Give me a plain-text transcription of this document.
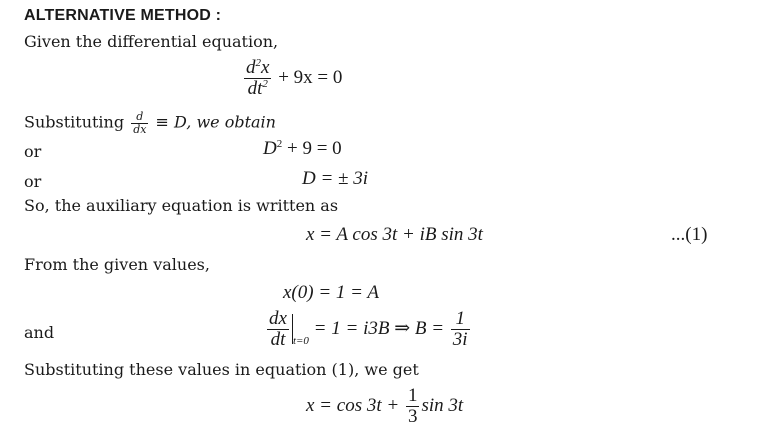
ALTERNATIVE METHOD :
Given the differential equation,
$\frac{d^2x}{dt^2} + 9x = 0$
Substituting $\frac{d}{dx} \equiv D$, we obtain
or	$D^2 + 9 = 0$
or	D = ± 3i
So, the auxiliary equation is written as
x = A cos 3t + iB sin 3t	...(1)
From the given values,
x(0) = 1 = A
and	$\frac{dx}{dt} _{t=0} = 1 = i3B$ ⇒ $B = \frac{1}{3i}$
Substituting these values in equation (1), we get
$x = \cos 3t + \frac{1}{3}$ sin 3t
